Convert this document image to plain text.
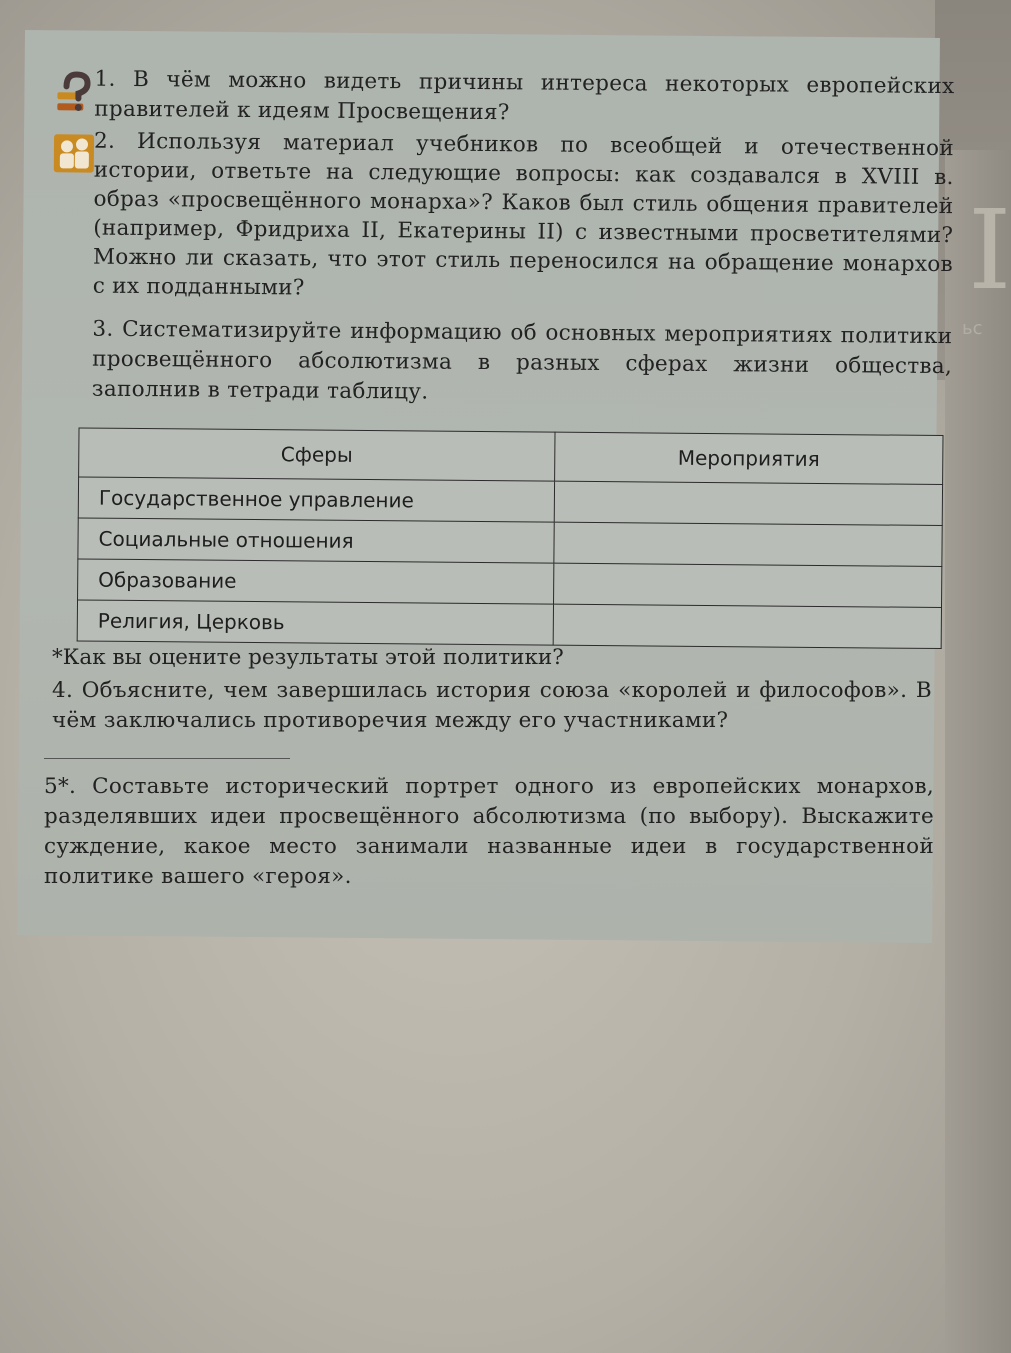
I
ьс
1. В чём можно видеть причины интереса некоторых европейских правителей к идеям Просвещения?
2. Используя материал учебников по всеобщей и отечественной истории, ответьте на следующие вопросы: как создавался в XVIII в. образ «просвещённого монарха»? Каков был стиль общения правителей (например, Фридриха II, Екатерины II) с известными просветителями? Можно ли сказать, что этот стиль переносился на обращение монархов с их подданными?
3. Систематизируйте информацию об основных мероприятиях политики просвещённого абсолютизма в разных сферах жизни общества, заполнив в тетради таблицу.
Сферы	Мероприятия
Государственное управление	
Социальные отношения	
Образование	
Религия, Церковь	
*Как вы оцените результаты этой политики?
4. Объясните, чем завершилась история союза «королей и философов». В чём заключались противоречия между его участниками?
5*. Составьте исторический портрет одного из европейских монархов, разделявших идеи просвещённого абсолютизма (по выбору). Выскажите суждение, какое место занимали названные идеи в государственной политике вашего «героя».
